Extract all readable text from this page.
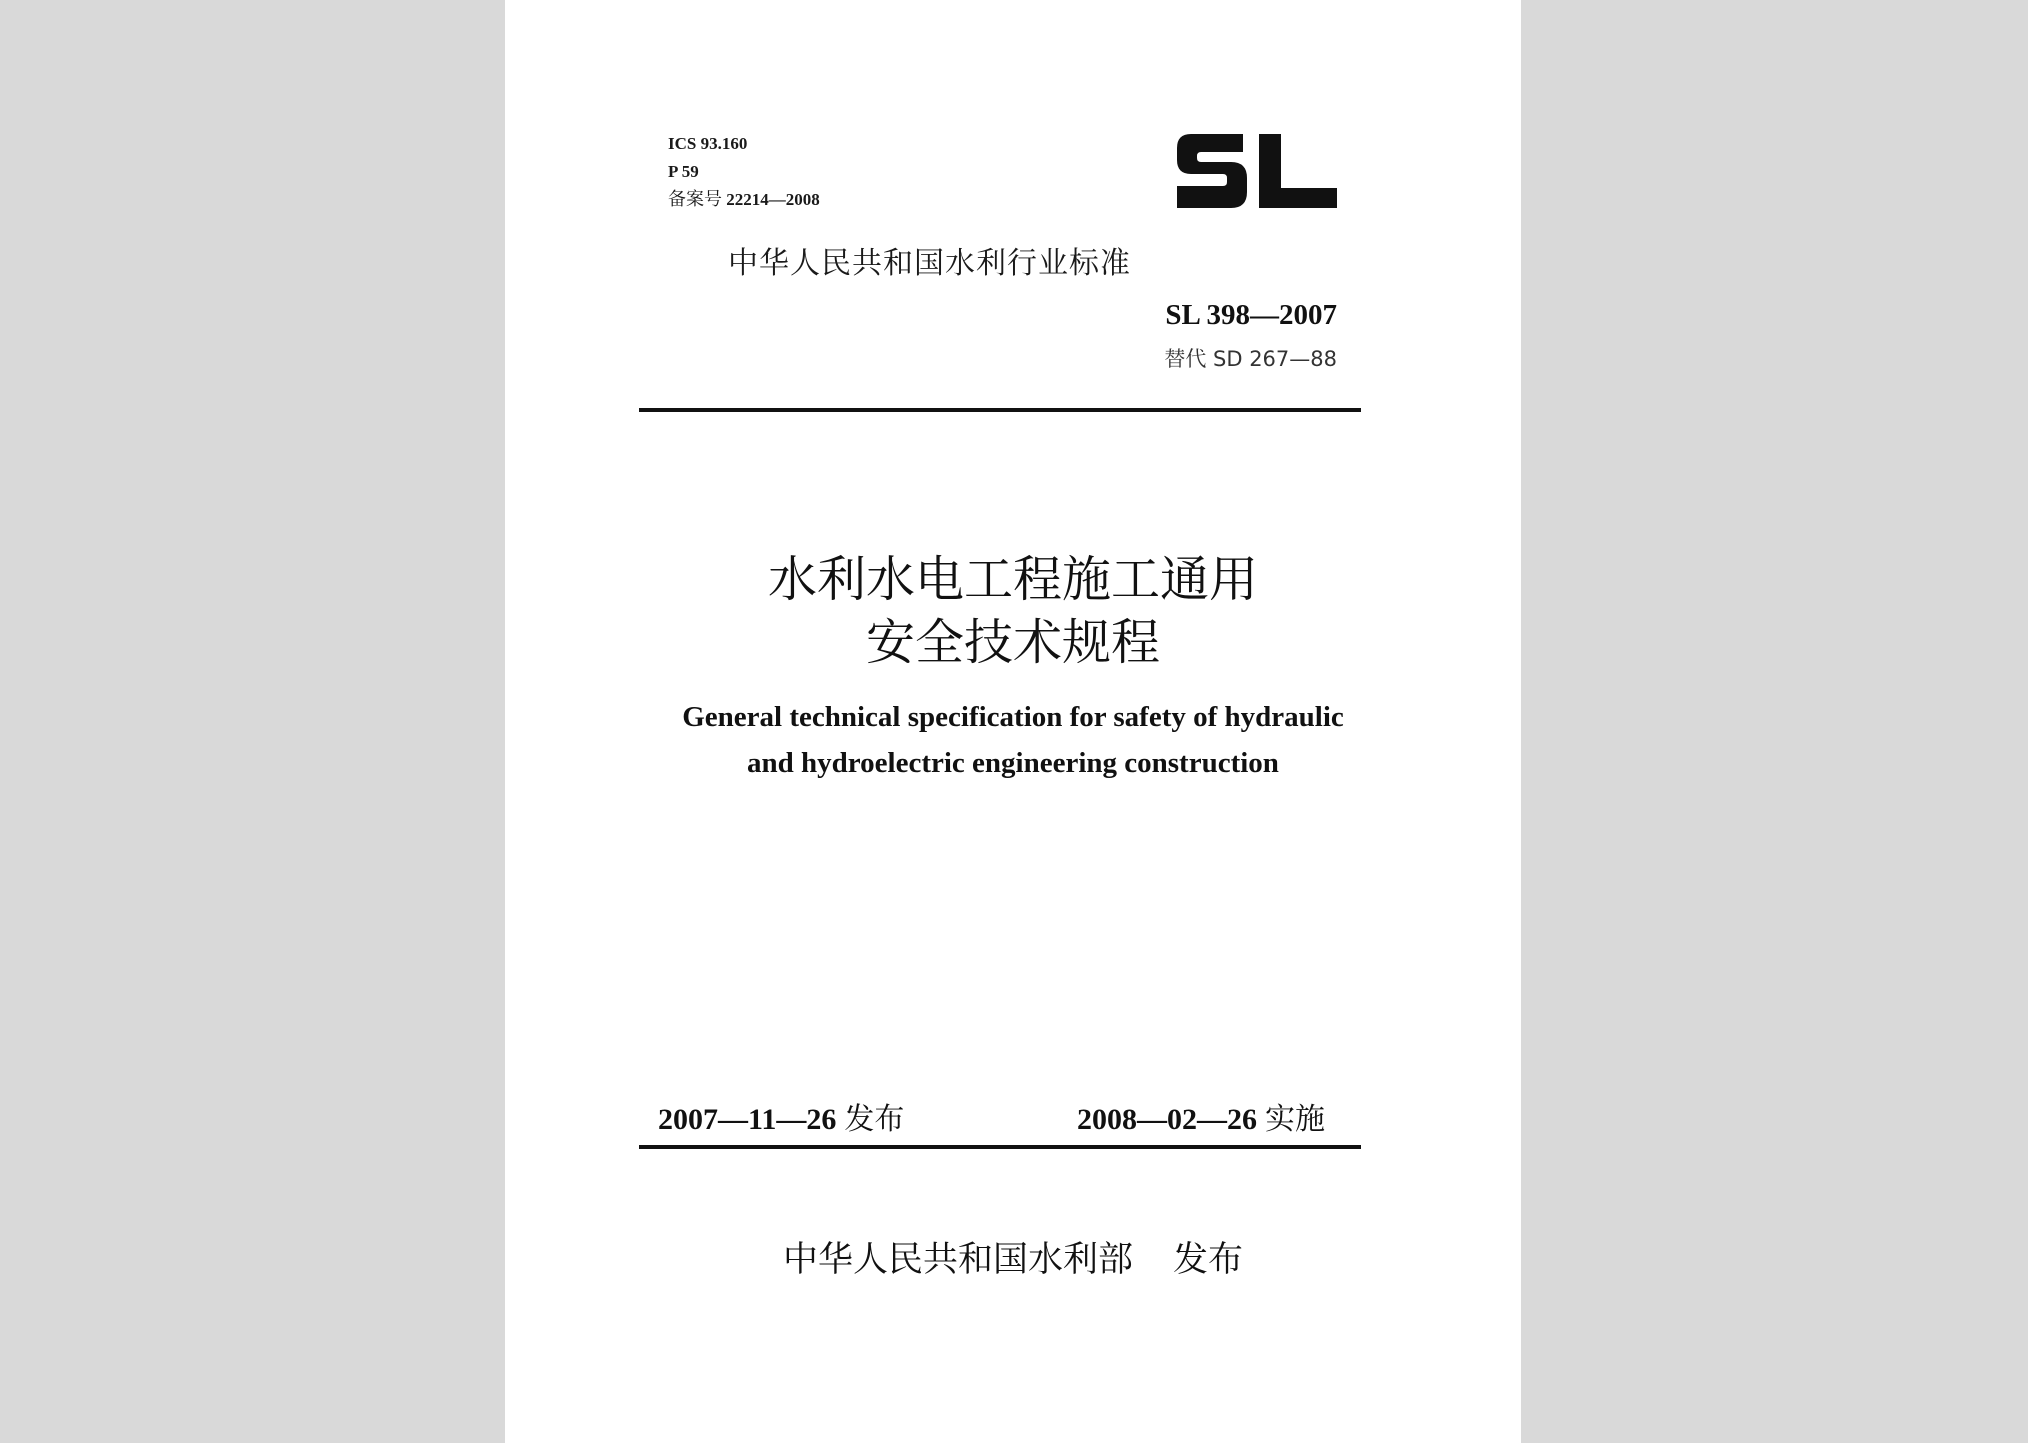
ICS 93.160
P 59
备案号 22214—2008
中华人民共和国水利行业标准
SL 398—2007
替代 SD 267—88
水利水电工程施工通用
安全技术规程
General technical specification for safety of hydraulic
and hydroelectric engineering construction
2007—11—26 发布	2008—02—26 实施
中华人民共和国水利部 发布
